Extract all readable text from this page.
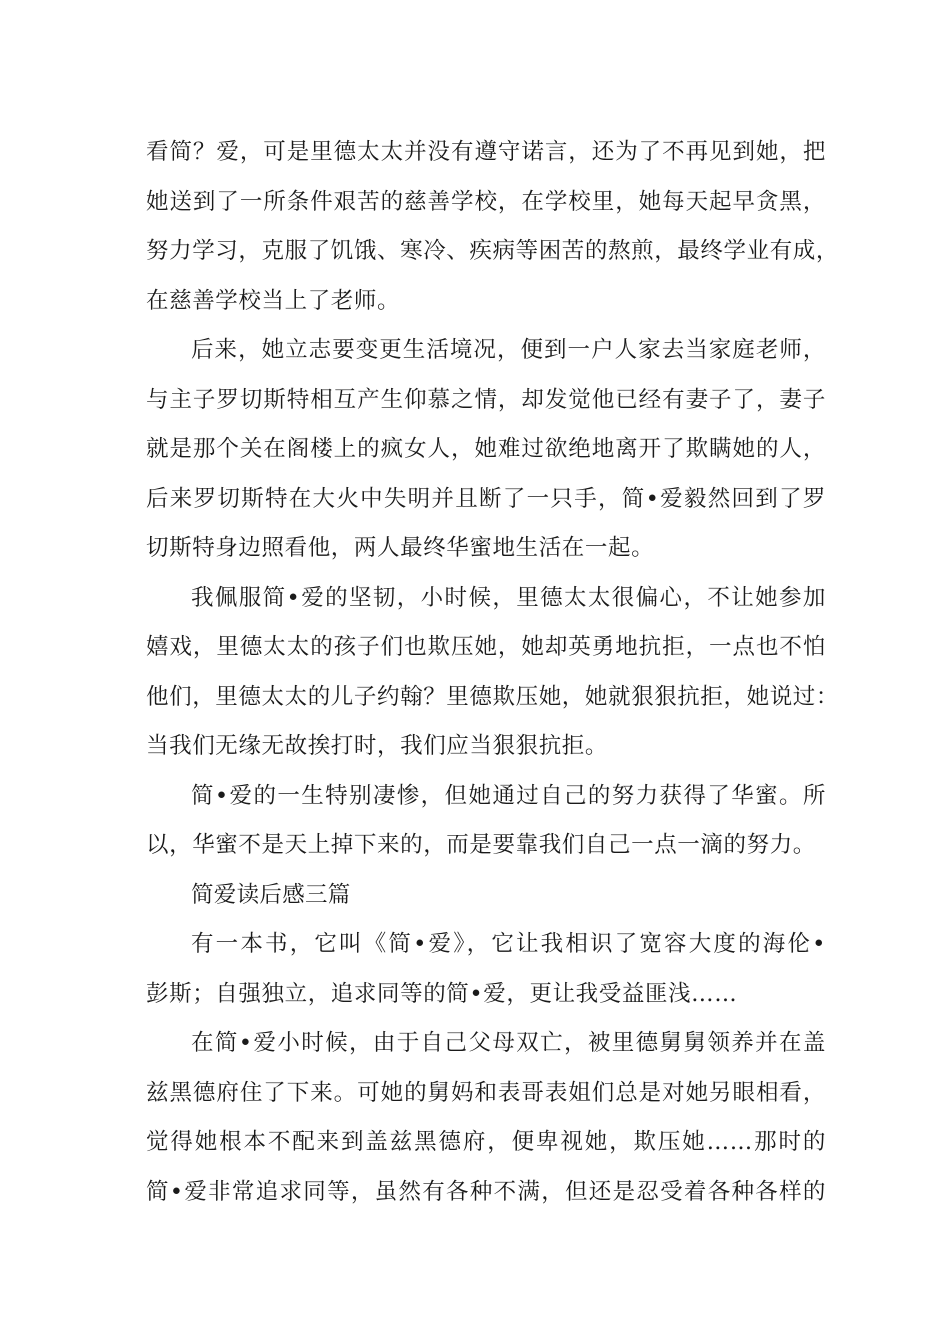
看简？爱，可是里德太太并没有遵守诺言，还为了不再见到她，把
她送到了一所条件艰苦的慈善学校，在学校里，她每天起早贪黑，
努力学习，克服了饥饿、寒冷、疾病等困苦的熬煎，最终学业有成，
在慈善学校当上了老师。
后来，她立志要变更生活境况，便到一户人家去当家庭老师，
与主子罗切斯特相互产生仰慕之情，却发觉他已经有妻子了，妻子
就是那个关在阁楼上的疯女人，她难过欲绝地离开了欺瞒她的人，
后来罗切斯特在大火中失明并且断了一只手，简•爱毅然回到了罗
切斯特身边照看他，两人最终华蜜地生活在一起。
我佩服简•爱的坚韧，小时候，里德太太很偏心，不让她参加
嬉戏，里德太太的孩子们也欺压她，她却英勇地抗拒，一点也不怕
他们，里德太太的儿子约翰？里德欺压她，她就狠狠抗拒，她说过：
当我们无缘无故挨打时，我们应当狠狠抗拒。
简•爱的一生特别凄惨，但她通过自己的努力获得了华蜜。所
以，华蜜不是天上掉下来的，而是要靠我们自己一点一滴的努力。
简爱读后感三篇
有一本书，它叫《简•爱》，它让我相识了宽容大度的海伦•
彭斯；自强独立，追求同等的简•爱，更让我受益匪浅……
在简•爱小时候，由于自己父母双亡，被里德舅舅领养并在盖
兹黑德府住了下来。可她的舅妈和表哥表姐们总是对她另眼相看，
觉得她根本不配来到盖兹黑德府，便卑视她，欺压她……那时的
简•爱非常追求同等，虽然有各种不满，但还是忍受着各种各样的
